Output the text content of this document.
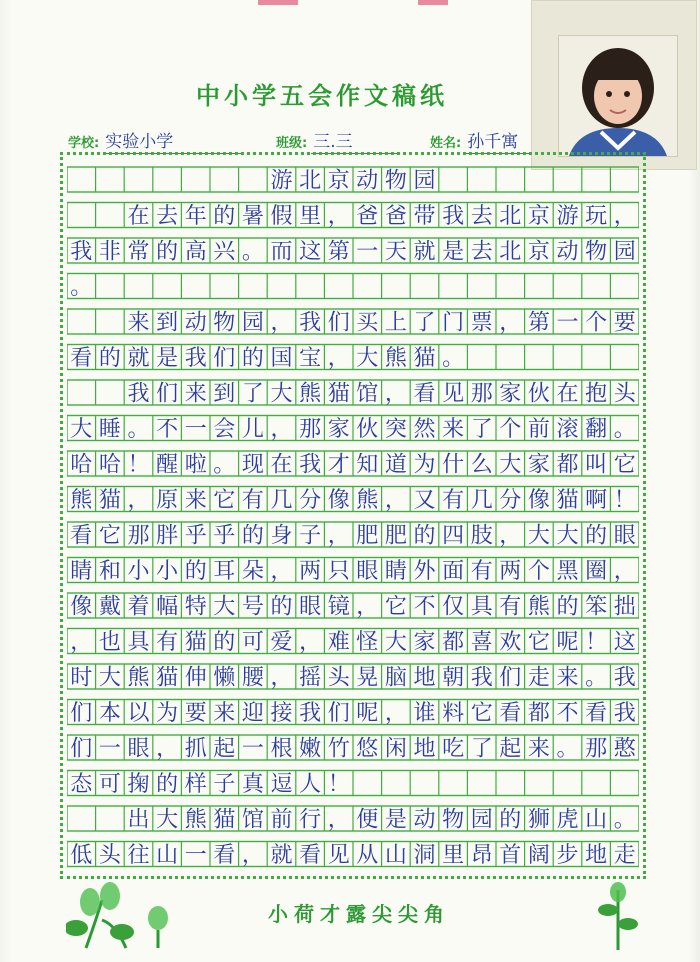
中小学五会作文稿纸
学校: 实验小学	班级: 三.三	姓名: 孙千寓
游 北 京 动 物 园
在 去 年 的 暑 假 里 ， 爸 爸 带 我 去 北 京 游 玩 ，
我 非 常 的 高 兴 。 而 这 第 一 天 就 是 去 北 京 动 物 园
。
来 到 动 物 园 ， 我 们 买 上 了 门 票 ， 第 一 个 要
看 的 就 是 我 们 的 国 宝 ， 大 熊 猫 。
我 们 来 到 了 大 熊 猫 馆 ， 看 见 那 家 伙 在 抱 头
大 睡 。 不 一 会 儿 ， 那 家 伙 突 然 来 了 个 前 滚 翻 。
哈 哈 ！ 醒 啦 。 现 在 我 才 知 道 为 什 么 大 家 都 叫 它
熊 猫 ， 原 来 它 有 几 分 像 熊 ， 又 有 几 分 像 猫 啊 ！
看 它 那 胖 乎 乎 的 身 子 ， 肥 肥 的 四 肢 ， 大 大 的 眼
睛 和 小 小 的 耳 朵 ， 两 只 眼 睛 外 面 有 两 个 黑 圈 ，
像 戴 着 幅 特 大 号 的 眼 镜 ， 它 不 仅 具 有 熊 的 笨 拙
， 也 具 有 猫 的 可 爱 ， 难 怪 大 家 都 喜 欢 它 呢 ！ 这
时 大 熊 猫 伸 懒 腰 ， 摇 头 晃 脑 地 朝 我 们 走 来 。 我
们 本 以 为 要 来 迎 接 我 们 呢 ， 谁 料 它 看 都 不 看 我
们 一 眼 ， 抓 起 一 根 嫩 竹 悠 闲 地 吃 了 起 来 。 那 憨
态 可 掬 的 样 子 真 逗 人 ！
出 大 熊 猫 馆 前 行 ， 便 是 动 物 园 的 狮 虎 山 。
低 头 往 山 一 看 ， 就 看 见 从 山 洞 里 昂 首 阔 步 地 走
小荷才露尖尖角
